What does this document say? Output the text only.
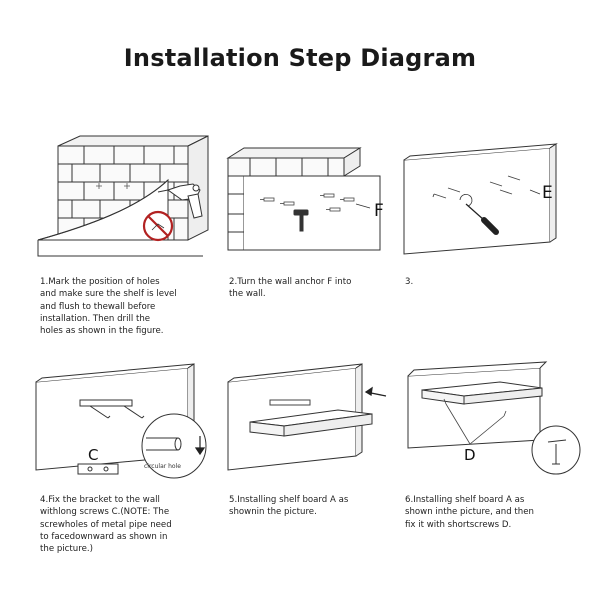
Installation Step Diagram
F
E
C
circular hole
D
1.Mark the position of holes
and make sure the shelf is level
and flush to thewall before
installation. Then drill the
holes as shown in the figure.
2.Turn the wall anchor F into
the wall.
3.
4.Fix the bracket to the wall
withlong screws C.(NOTE: The
screwholes of metal pipe need
to facedownward as shown in
the picture.)
5.Installing shelf board A as
shownin the picture.
6.Installing shelf board A as
shown inthe picture, and then
fix it with shortscrews D.
